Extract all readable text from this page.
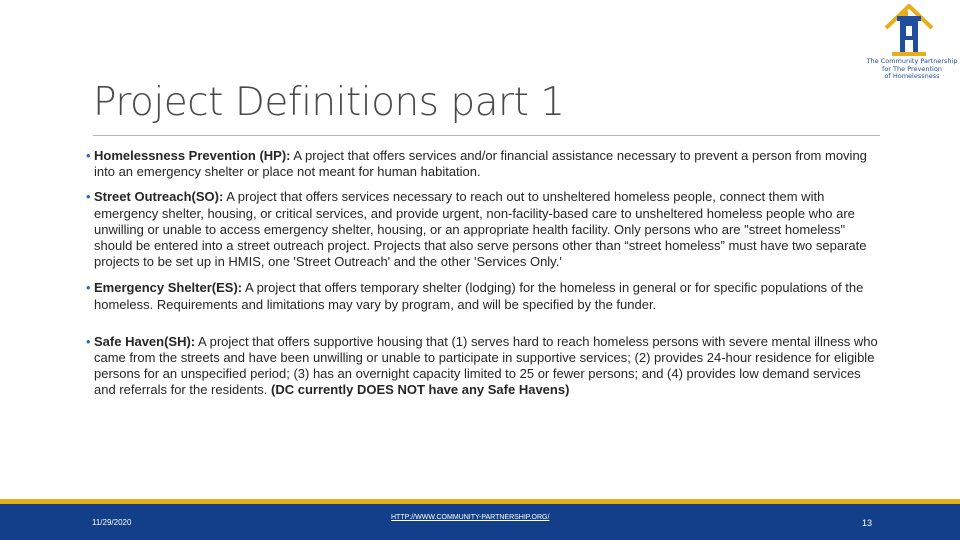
The Community Partnership
for The Prevention
of Homelessness
Project Definitions part 1
• Homelessness Prevention (HP): A project that offers services and/or financial assistance necessary to prevent a person from moving into an emergency shelter or place not meant for human habitation.
• Street Outreach(SO): A project that offers services necessary to reach out to unsheltered homeless people, connect them with emergency shelter, housing, or critical services, and provide urgent, non-facility-based care to unsheltered homeless people who are unwilling or unable to access emergency shelter, housing, or an appropriate health facility. Only persons who are "street homeless" should be entered into a street outreach project. Projects that also serve persons other than “street homeless” must have two separate projects to be set up in HMIS, one 'Street Outreach' and the other 'Services Only.'
• Emergency Shelter(ES): A project that offers temporary shelter (lodging) for the homeless in general or for specific populations of the homeless. Requirements and limitations may vary by program, and will be specified by the funder.
• Safe Haven(SH): A project that offers supportive housing that (1) serves hard to reach homeless persons with severe mental illness who came from the streets and have been unwilling or unable to participate in supportive services; (2) provides 24-hour residence for eligible persons for an unspecified period; (3) has an overnight capacity limited to 25 or fewer persons; and (4) provides low demand services and referrals for the residents. (DC currently DOES NOT have any Safe Havens)
11/29/2020
HTTP://WWW.COMMUNITY-PARTNERSHIP.ORG/
13
